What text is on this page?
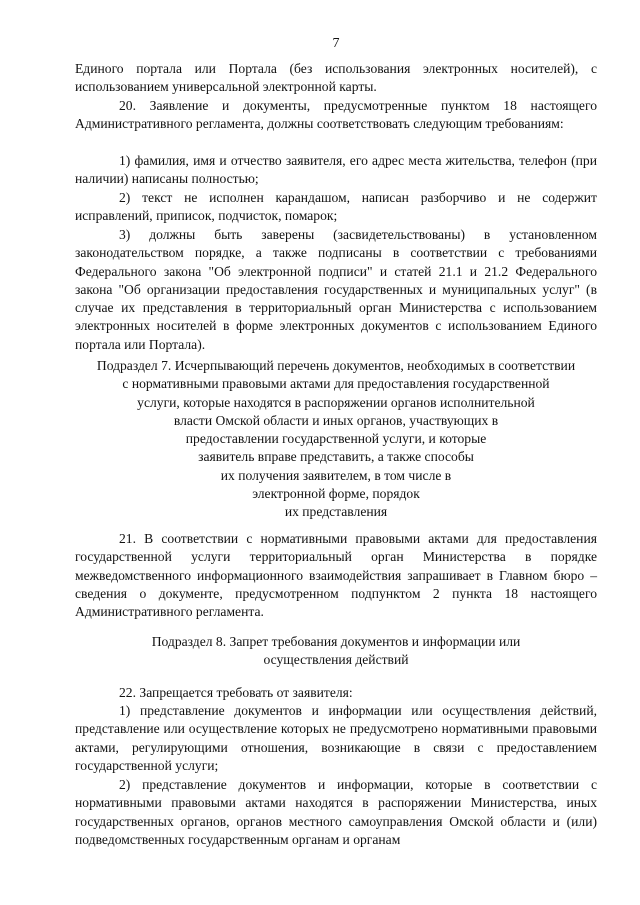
7

Единого портала или Портала (без использования электронных носителей), с использованием универсальной электронной карты.

20. Заявление и документы, предусмотренные пунктом 18 настоящего Административного регламента, должны соответствовать следующим требованиям:

1) фамилия, имя и отчество заявителя, его адрес места жительства, телефон (при наличии) написаны полностью;

2) текст не исполнен карандашом, написан разборчиво и не содержит исправлений, приписок, подчисток, помарок;

3) должны быть заверены (засвидетельствованы) в установленном законодательством порядке, а также подписаны в соответствии с требованиями Федерального закона "Об электронной подписи" и статей 21.1 и 21.2 Федерального закона "Об организации предоставления государственных и муниципальных услуг" (в случае их представления в территориальный орган Министерства с использованием электронных носителей в форме электронных документов с использованием Единого портала или Портала).

Подраздел 7. Исчерпывающий перечень документов, необходимых в соответствии
с нормативными правовыми актами для предоставления государственной
услуги, которые находятся в распоряжении органов исполнительной
власти Омской области и иных органов, участвующих в
предоставлении государственной услуги, и которые
заявитель вправе представить, а также способы
их получения заявителем, в том числе в
электронной форме, порядок
их представления

21. В соответствии с нормативными правовыми актами для предоставления государственной услуги территориальный орган Министерства в порядке межведомственного информационного взаимодействия запрашивает в Главном бюро – сведения о документе, предусмотренном подпунктом 2 пункта 18 настоящего Административного регламента.

Подраздел 8. Запрет требования документов и информации или
осуществления действий

22. Запрещается требовать от заявителя:

1) представление документов и информации или осуществления действий, представление или осуществление которых не предусмотрено нормативными правовыми актами, регулирующими отношения, возникающие в связи с предоставлением государственной услуги;

2) представление документов и информации, которые в соответствии с нормативными правовыми актами находятся в распоряжении Министерства, иных государственных органов, органов местного самоуправления Омской области и (или) подведомственных государственным органам и органам
